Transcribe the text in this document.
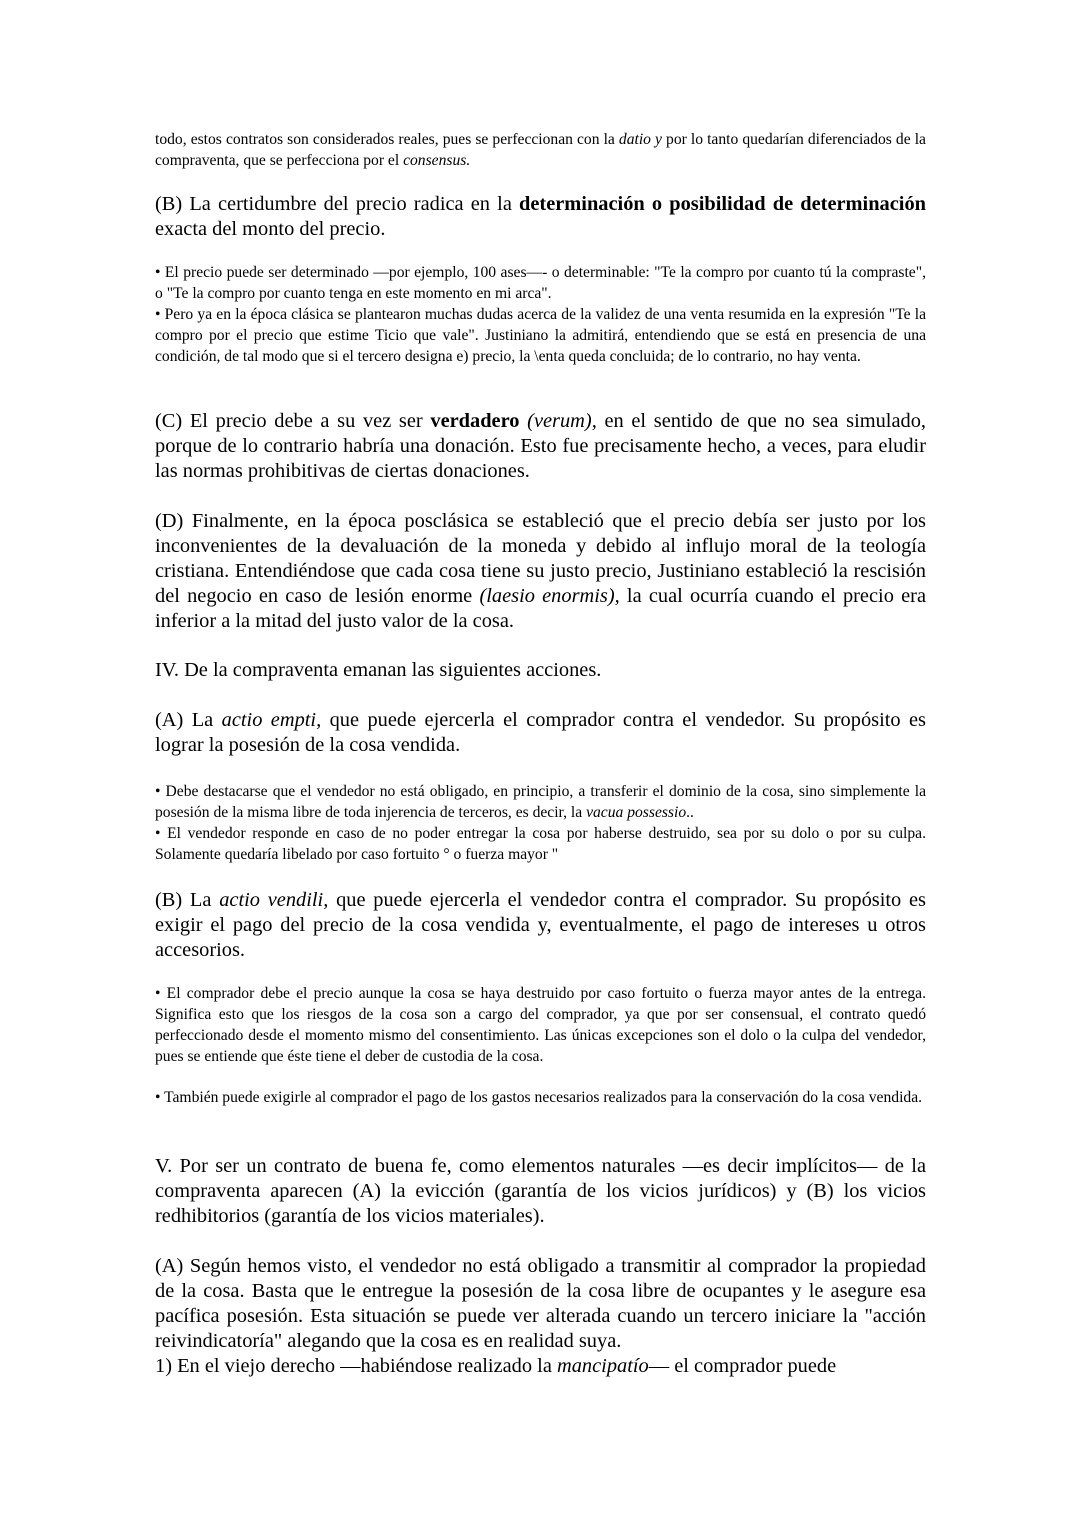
todo, estos contratos son considerados reales, pues se perfeccionan con la datio y por lo tanto quedarían diferenciados de la compraventa, que se perfecciona por el consensus.

(B) La certidumbre del precio radica en la determinación o posibilidad de determinación exacta del monto del precio.

• El precio puede ser determinado —por ejemplo, 100 ases—- o determinable: "Te la compro por cuanto tú la compraste", o "Te la compro por cuanto tenga en este momento en mi arca".

• Pero ya en la época clásica se plantearon muchas dudas acerca de la validez de una venta resumida en la expresión "Te la compro por el precio que estime Ticio que vale". Justiniano la admitirá, entendiendo que se está en presencia de una condición, de tal modo que si el tercero designa e) precio, la \enta queda concluida; de lo contrario, no hay venta.

(C) El precio debe a su vez ser verdadero (verum), en el sentido de que no sea simulado, porque de lo contrario habría una donación. Esto fue precisamente hecho, a veces, para eludir las normas prohibitivas de ciertas donaciones.

(D) Finalmente, en la época posclásica se estableció que el precio debía ser justo por los inconvenientes de la devaluación de la moneda y debido al influjo moral de la teología cristiana. Entendiéndose que cada cosa tiene su justo precio, Justiniano estableció la rescisión del negocio en caso de lesión enorme (laesio enormis), la cual ocurría cuando el precio era inferior a la mitad del justo valor de la cosa.

IV. De la compraventa emanan las siguientes acciones.

(A) La actio empti, que puede ejercerla el comprador contra el vendedor. Su propósito es lograr la posesión de la cosa vendida.

• Debe destacarse que el vendedor no está obligado, en principio, a transferir el dominio de la cosa, sino simplemente la posesión de la misma libre de toda injerencia de terceros, es decir, la vacua possessio..

• El vendedor responde en caso de no poder entregar la cosa por haberse destruido, sea por su dolo o por su culpa. Solamente quedaría libelado por caso fortuito ° o fuerza mayor "

(B) La actio vendili, que puede ejercerla el vendedor contra el comprador. Su propósito es exigir el pago del precio de la cosa vendida y, eventualmente, el pago de intereses u otros accesorios.

• El comprador debe el precio aunque la cosa se haya destruido por caso fortuito o fuerza mayor antes de la entrega. Significa esto que los riesgos de la cosa son a cargo del comprador, ya que por ser consensual, el contrato quedó perfeccionado desde el momento mismo del consentimiento. Las únicas excepciones son el dolo o la culpa del vendedor, pues se entiende que éste tiene el deber de custodia de la cosa.

• También puede exigirle al comprador el pago de los gastos necesarios realizados para la conservación do la cosa vendida.

V. Por ser un contrato de buena fe, como elementos naturales —es decir implícitos— de la compraventa aparecen (A) la evicción (garantía de los vicios jurídicos) y (B) los vicios redhibitorios (garantía de los vicios materiales).

(A) Según hemos visto, el vendedor no está obligado a transmitir al comprador la propiedad de la cosa. Basta que le entregue la posesión de la cosa libre de ocupantes y le asegure esa pacífica posesión. Esta situación se puede ver alterada cuando un tercero iniciare la "acción reivindicatoría" alegando que la cosa es en realidad suya.

1) En el viejo derecho —habiéndose realizado la mancipatío— el comprador puede
